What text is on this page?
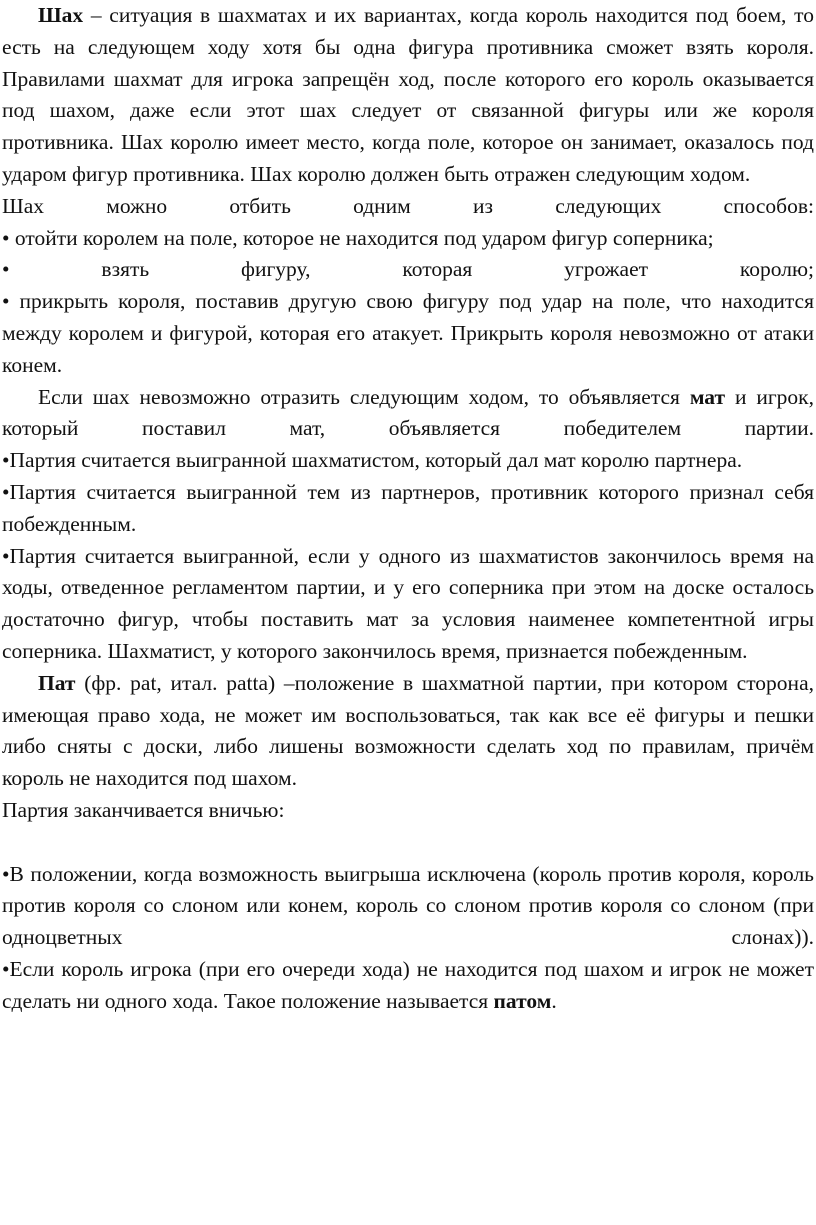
Шах – ситуация в шахматах и их вариантах, когда король находится под боем, то есть на следующем ходу хотя бы одна фигура противника сможет взять короля. Правилами шахмат для игрока запрещён ход, после которого его король оказывается под шахом, даже если этот шах следует от связанной фигуры или же короля противника. Шах королю имеет место, когда поле, которое он занимает, оказалось под ударом фигур противника. Шах королю должен быть отражен следующим ходом.

Шах можно отбить одним из следующих способов:

• отойти королем на поле, которое не находится под ударом фигур соперника;

• взять фигуру, которая угрожает королю;

• прикрыть короля, поставив другую свою фигуру под удар на поле, что находится между королем и фигурой, которая его атакует. Прикрыть короля невозможно от атаки конем.

Если шах невозможно отразить следующим ходом, то объявляется мат и игрок, который поставил мат, объявляется победителем партии.

•Партия считается выигранной шахматистом, который дал мат королю партнера.

•Партия считается выигранной тем из партнеров, противник которого признал себя побежденным.

•Партия считается выигранной, если у одного из шахматистов закончилось время на ходы, отведенное регламентом партии, и у его соперника при этом на доске осталось достаточно фигур, чтобы поставить мат за условия наименее компетентной игры соперника. Шахматист, у которого закончилось время, признается побежденным.

Пат (фр. pat, итал. patta) –положение в шахматной партии, при котором сторона, имеющая право хода, не может им воспользоваться, так как все её фигуры и пешки либо сняты с доски, либо лишены возможности сделать ход по правилам, причём король не находится под шахом.

Партия заканчивается вничью:

•В положении, когда возможность выигрыша исключена (король против короля, король против короля со слоном или конем, король со слоном против короля со слоном (при одноцветных слонах)).

•Если король игрока (при его очереди хода) не находится под шахом и игрок не может сделать ни одного хода. Такое положение называется патом.
